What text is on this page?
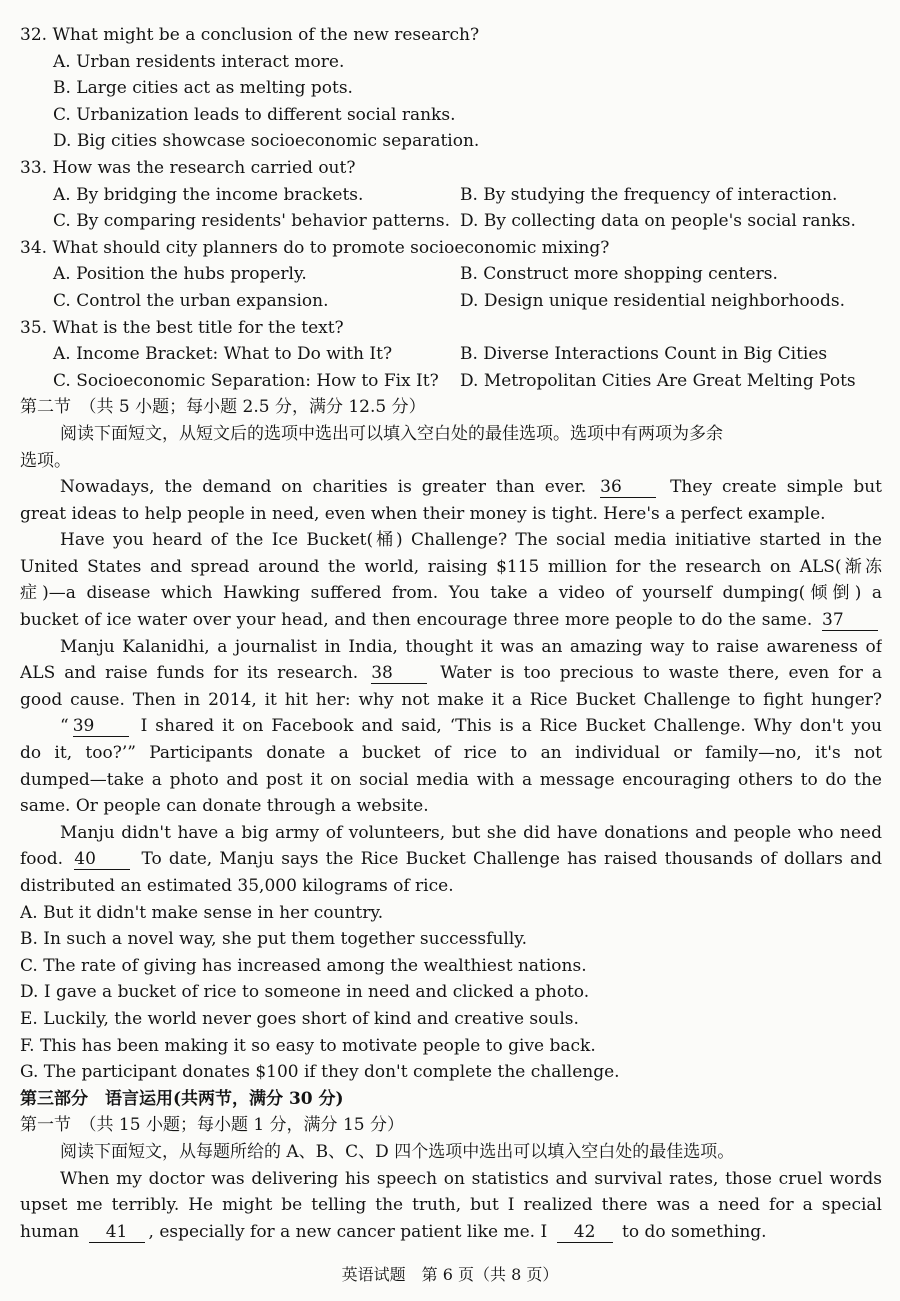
32. What might be a conclusion of the new research?
A. Urban residents interact more.
B. Large cities act as melting pots.
C. Urbanization leads to different social ranks.
D. Big cities showcase socioeconomic separation.
33. How was the research carried out?
A. By bridging the income brackets.	B. By studying the frequency of interaction.
C. By comparing residents' behavior patterns. D. By collecting data on people's social ranks.
34. What should city planners do to promote socioeconomic mixing?
A. Position the hubs properly.	B. Construct more shopping centers.
C. Control the urban expansion.	D. Design unique residential neighborhoods.
35. What is the best title for the text?
A. Income Bracket: What to Do with It?	B. Diverse Interactions Count in Big Cities
C. Socioeconomic Separation: How to Fix It?	D. Metropolitan Cities Are Great Melting Pots
第二节　（共 5 小题；每小题 2.5 分，满分 12.5 分）
阅读下面短文，从短文后的选项中选出可以填入空白处的最佳选项。选项中有两项为多余
选项。
Nowadays, the demand on charities is greater than ever. 36	They create simple but
great ideas to help people in need, even when their money is tight. Here's a perfect example.
Have you heard of the Ice Bucket(桶) Challenge? The social media initiative started in the
United States and spread around the world, raising $115 million for the research on ALS(渐冻
症)—a disease which Hawking suffered from. You take a video of yourself dumping(倾倒) a
bucket of ice water over your head, and then encourage three more people to do the same. 37
Manju Kalanidhi, a journalist in India, thought it was an amazing way to raise awareness of
ALS and raise funds for its research. 38	Water is too precious to waste there, even for a
good cause. Then in 2014, it hit her: why not make it a Rice Bucket Challenge to fight hunger?
“ 39	I shared it on Facebook and said, ‘This is a Rice Bucket Challenge. Why don't you
do it, too?’” Participants donate a bucket of rice to an individual or family—no, it's not
dumped—take a photo and post it on social media with a message encouraging others to do the
same. Or people can donate through a website.
Manju didn't have a big army of volunteers, but she did have donations and people who need
food. 40	To date, Manju says the Rice Bucket Challenge has raised thousands of dollars and
distributed an estimated 35,000 kilograms of rice.
A. But it didn't make sense in her country.
B. In such a novel way, she put them together successfully.
C. The rate of giving has increased among the wealthiest nations.
D. I gave a bucket of rice to someone in need and clicked a photo.
E. Luckily, the world never goes short of kind and creative souls.
F. This has been making it so easy to motivate people to give back.
G. The participant donates $100 if they don't complete the challenge.
第三部分　语言运用(共两节，满分 30 分)
第一节　（共 15 小题；每小题 1 分，满分 15 分）
阅读下面短文，从每题所给的 A、B、C、D 四个选项中选出可以填入空白处的最佳选项。
When my doctor was delivering his speech on statistics and survival rates, those cruel words
upset me terribly. He might be telling the truth, but I realized there was a need for a special
human 41 , especially for a new cancer patient like me. I 42 to do something.
英语试题　第 6 页（共 8 页）
